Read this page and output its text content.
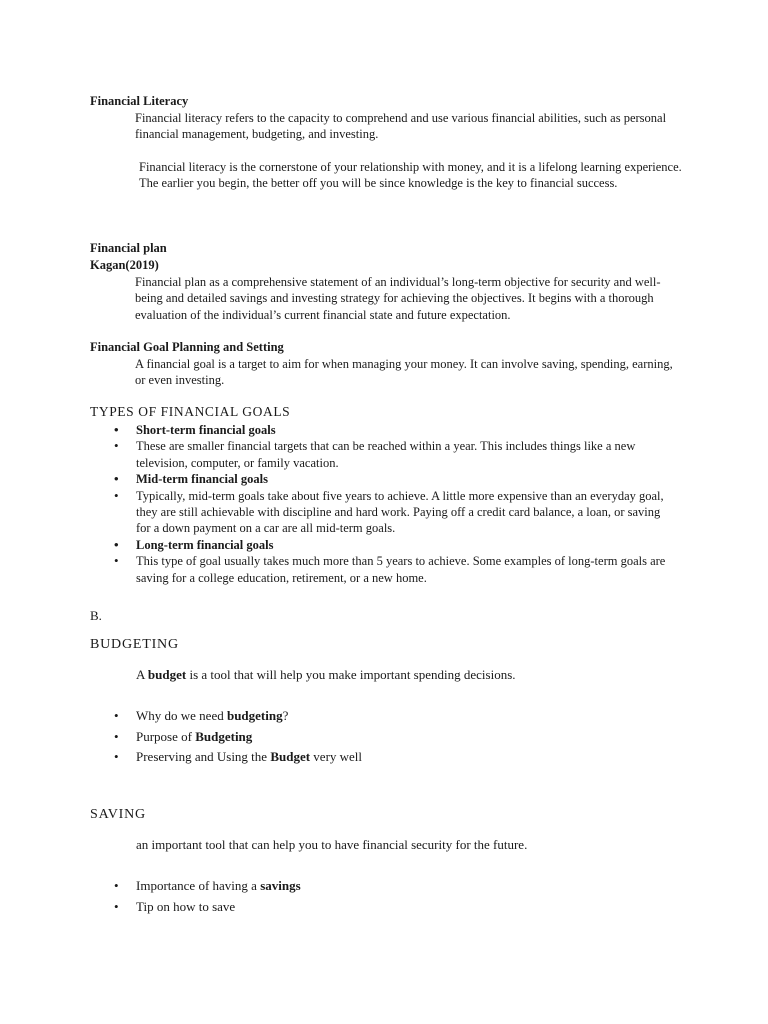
Financial Literacy
Financial literacy refers to the capacity to comprehend and use various financial abilities, such as personal financial management, budgeting, and investing.
Financial literacy is the cornerstone of your relationship with money, and it is a lifelong learning experience. The earlier you begin, the better off you will be since knowledge is the key to financial success.
Financial plan
Kagan(2019)
Financial plan as a comprehensive statement of an individual’s long-term objective for security and well- being and detailed savings and investing strategy for achieving the objectives. It begins with a thorough evaluation of the individual’s current financial state and future expectation.
Financial Goal Planning and Setting
A financial goal is a target to aim for when managing your money. It can involve saving, spending, earning, or even investing.
TYPES OF FINANCIAL GOALS
• Short-term financial goals
• These are smaller financial targets that can be reached within a year. This includes things like a new television, computer, or family vacation.
• Mid-term financial goals
• Typically, mid-term goals take about five years to achieve. A little more expensive than an everyday goal, they are still achievable with discipline and hard work. Paying off a credit card balance, a loan, or saving for a down payment on a car are all mid-term goals.
• Long-term financial goals
• This type of goal usually takes much more than 5 years to achieve. Some examples of long-term goals are saving for a college education, retirement, or a new home.
B.
BUDGETING
A budget is a tool that will help you make important spending decisions.
• Why do we need budgeting?
• Purpose of Budgeting
• Preserving and Using the Budget very well
SAVING
an important tool that can help you to have financial security for the future.
• Importance of having a savings
• Tip on how to save
